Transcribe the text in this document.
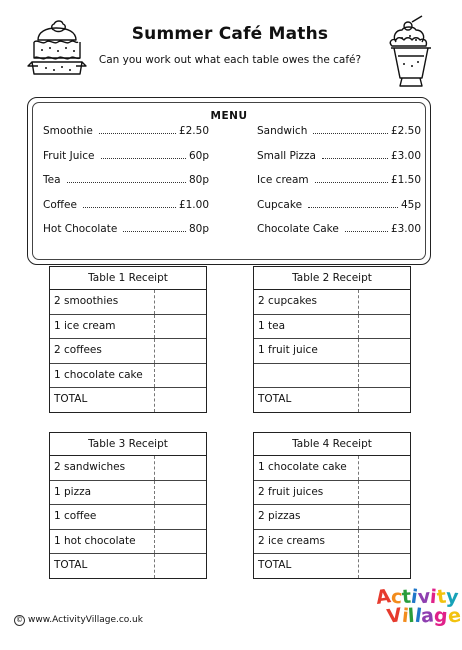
Summer Café Maths
Can you work out what each table owes the café?
MENU
Smoothie	£2.50
Fruit Juice	60p
Tea	80p
Coffee	£1.00
Hot Chocolate	80p
Sandwich	£2.50
Small Pizza	£3.00
Ice cream	£1.50
Cupcake	45p
Chocolate Cake	£3.00
Table 1 Receipt
2 smoothies
1 ice cream
2 coffees
1 chocolate cake
TOTAL
Table 2 Receipt
2 cupcakes
1 tea
1 fruit juice
TOTAL
Table 3 Receipt
2 sandwiches
1 pizza
1 coffee
1 hot chocolate
TOTAL
Table 4 Receipt
1 chocolate cake
2 fruit juices
2 pizzas
2 ice creams
TOTAL
© www.ActivityVillage.co.uk
Activity
Village
